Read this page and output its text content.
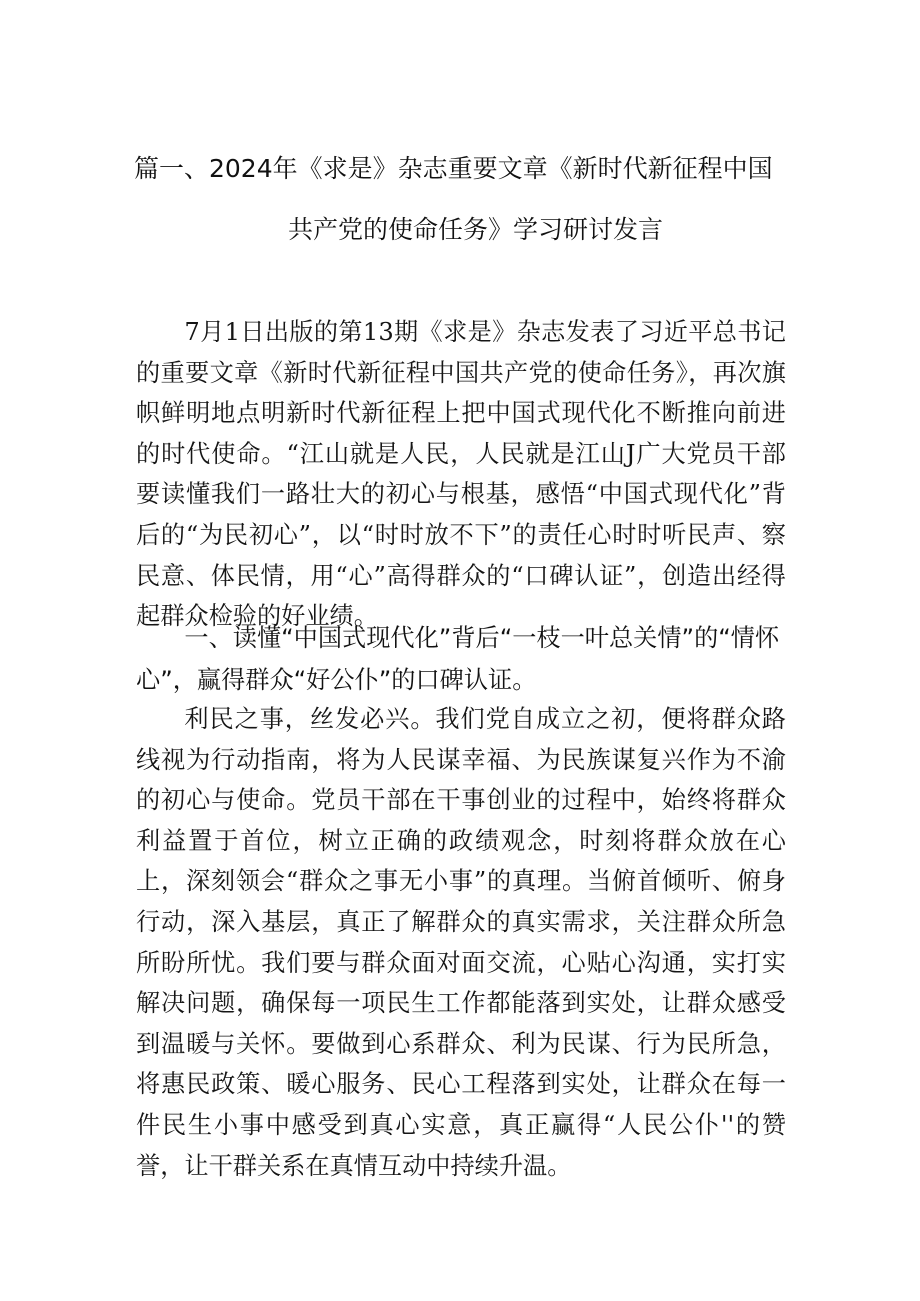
篇一、2024年《求是》杂志重要文章《新时代新征程中国
共产党的使命任务》学习研讨发言

7月1日出版的第13期《求是》杂志发表了习近平总书记的重要文章《新时代新征程中国共产党的使命任务》，再次旗帜鲜明地点明新时代新征程上把中国式现代化不断推向前进的时代使命。“江山就是人民，人民就是江山J广大党员干部要读懂我们一路壮大的初心与根基，感悟“中国式现代化”背后的“为民初心”，以“时时放不下”的责任心时时听民声、察民意、体民情，用“心”高得群众的“口碑认证”，创造出经得起群众检验的好业绩。

一、读懂“中国式现代化”背后“一枝一叶总关情”的“情怀心”，赢得群众“好公仆”的口碑认证。

利民之事，丝发必兴。我们党自成立之初，便将群众路线视为行动指南，将为人民谋幸福、为民族谋复兴作为不渝的初心与使命。党员干部在干事创业的过程中，始终将群众利益置于首位，树立正确的政绩观念，时刻将群众放在心上，深刻领会“群众之事无小事”的真理。当俯首倾听、俯身行动，深入基层，真正了解群众的真实需求，关注群众所急所盼所忧。我们要与群众面对面交流，心贴心沟通，实打实解决问题，确保每一项民生工作都能落到实处，让群众感受到温暖与关怀。要做到心系群众、利为民谋、行为民所急，将惠民政策、暖心服务、民心工程落到实处，让群众在每一件民生小事中感受到真心实意，真正赢得“人民公仆''的赞誉，让干群关系在真情互动中持续升温。
